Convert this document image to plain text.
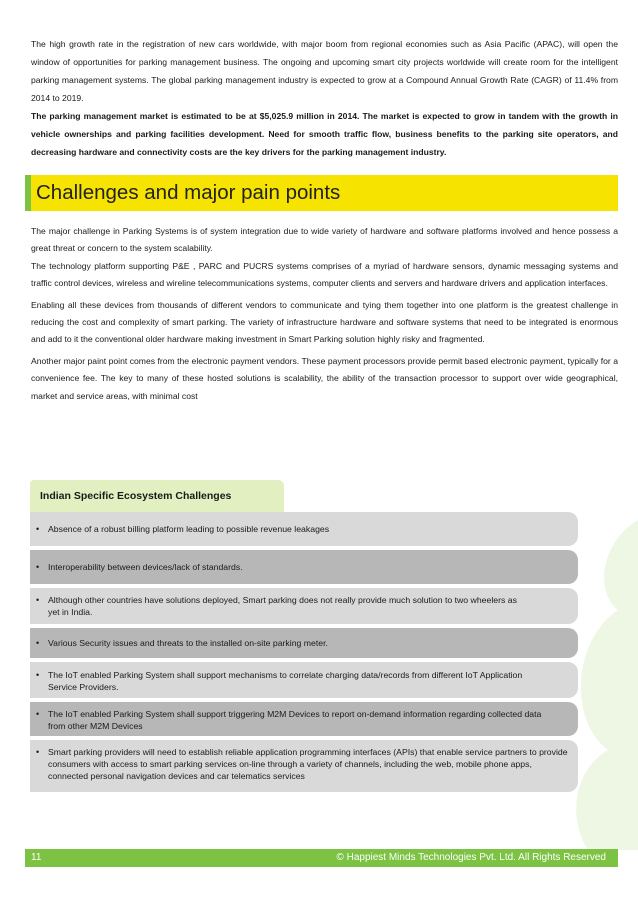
The high growth rate in the registration of new cars worldwide, with major boom from regional economies such as Asia Pacific (APAC), will open the window of opportunities for parking management business. The ongoing and upcoming smart city projects worldwide will create room for the intelligent parking management systems. The global parking management industry is expected to grow at a Compound Annual Growth Rate (CAGR) of 11.4% from 2014 to 2019.

The parking management market is estimated to be at $5,025.9 million in 2014. The market is expected to grow in tandem with the growth in vehicle ownerships and parking facilities development. Need for smooth traffic flow, business benefits to the parking site operators, and decreasing hardware and connectivity costs are the key drivers for the parking management industry.

Challenges and major pain points

The major challenge in Parking Systems is of system integration due to wide variety of hardware and software platforms involved and hence possess a great threat or concern to the system scalability.

The technology platform supporting P&E , PARC and PUCRS systems comprises of a myriad of hardware sensors, dynamic messaging systems and traffic control devices, wireless and wireline telecommunications systems, computer clients and servers and hardware drivers and application interfaces.

Enabling all these devices from thousands of different vendors to communicate and tying them together into one platform is the greatest challenge in reducing the cost and complexity of smart parking. The variety of infrastructure hardware and software systems that need to be integrated is enormous and add to it the conventional older hardware making investment in Smart Parking solution highly risky and fragmented.

Another major paint point comes from the electronic payment vendors. These payment processors provide permit based electronic payment, typically for a convenience fee. The key to many of these hosted solutions is scalability, the ability of the transaction processor to support over wide geographical, market and service areas, with minimal cost

Indian Specific Ecosystem Challenges
• Absence of a robust billing platform leading to possible revenue leakages
• Interoperability between devices/lack of standards.
• Although other countries have solutions deployed, Smart parking does not really provide much solution to two wheelers as yet in India.
• Various Security issues and threats to the installed on-site parking meter.
• The IoT enabled Parking System shall support mechanisms to correlate charging data/records from different IoT Application Service Providers.
• The IoT enabled Parking System shall support triggering M2M Devices to report on-demand information regarding collected data from other M2M Devices
• Smart parking providers will need to establish reliable application programming interfaces (APIs) that enable service partners to provide consumers with access to smart parking services on-line through a variety of channels, including the web, mobile phone apps, connected personal navigation devices and car telematics services
11	© Happiest Minds Technologies Pvt. Ltd. All Rights Reserved
